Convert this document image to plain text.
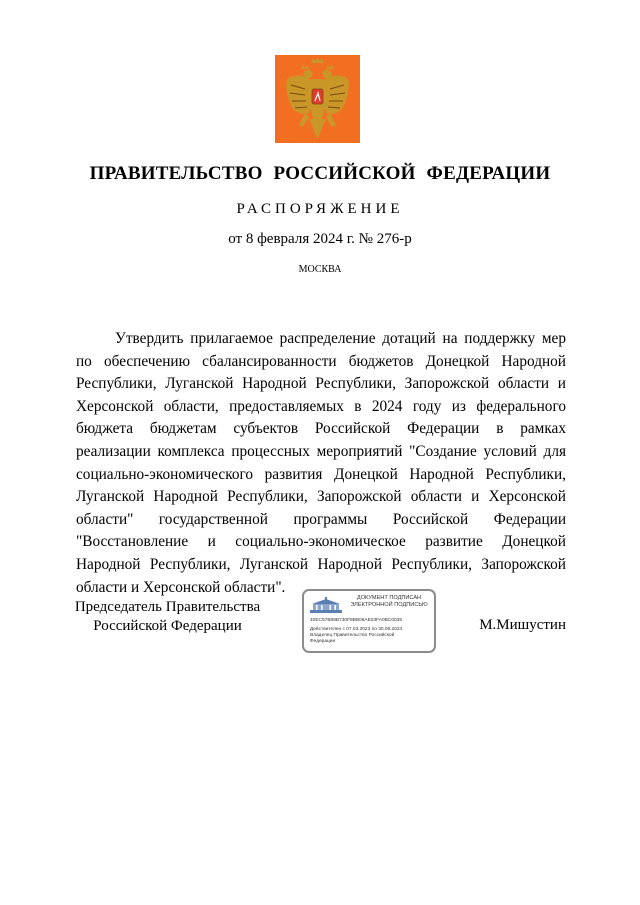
ПРАВИТЕЛЬСТВО РОССИЙСКОЙ ФЕДЕРАЦИИ
РАСПОРЯЖЕНИЕ
от 8 февраля 2024 г. № 276-р
МОСКВА

Утвердить прилагаемое распределение дотаций на поддержку мер по обеспечению сбалансированности бюджетов Донецкой Народной Республики, Луганской Народной Республики, Запорожской области и Херсонской области, предоставляемых в 2024 году из федерального бюджета бюджетам субъектов Российской Федерации в рамках реализации комплекса процессных мероприятий "Создание условий для социально-экономического развития Донецкой Народной Республики, Луганской Народной Республики, Запорожской области и Херсонской области" государственной программы Российской Федерации "Восстановление и социально-экономическое развитие Донецкой Народной Республики, Луганской Народной Республики, Запорожской области и Херсонской области".

Председатель Правительства
Российской Федерации
ДОКУМЕНТ ПОДПИСАН
ЭЛЕКТРОННОЙ ПОДПИСЬЮ
40EC57B88B730F8BB06AE03FA0BC0035
Действителен с 07.03.2023 по 30.05.2024
Владелец Правительство Российской
Федерации
М.Мишустин
